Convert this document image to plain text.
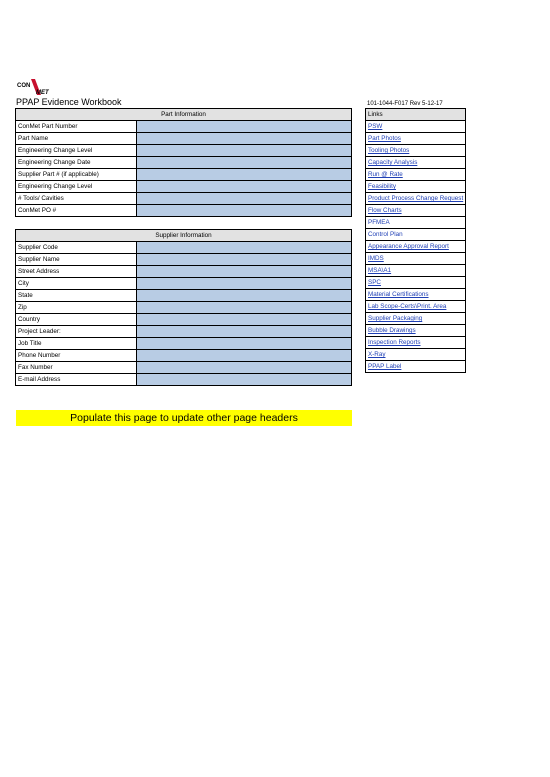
CON
MET
PPAP Evidence Workbook	101-1044-F017 Rev 5-12-17
Part Information	
ConMet Part Number	
Part Name	
Engineering Change Level	
Engineering Change Date	
Supplier Part # (if applicable)	
Engineering Change Level	
# Tools/ Cavities	
ConMet PO #	
Supplier Information	
Supplier Code	
Supplier Name	
Street Address	
City	
State	
Zip	
Country	
Project Leader:	
Job Title	
Phone Number	
Fax Number	
E-mail Address	
Links
PSW
Part Photos
Tooling Photos
Capacity Analysis
Run @ Rate
Feasibility
Product Process Change Request
Flow Charts
PFMEA
Control Plan
Appearance Approval Report
IMDS
MSA\A1
SPC
Material Certifications
Lab Scope-Certs\Print. Area
Supplier Packaging
Bubble Drawings
Inspection Reports
X-Ray
PPAP Label
Populate this page to update other page headers
